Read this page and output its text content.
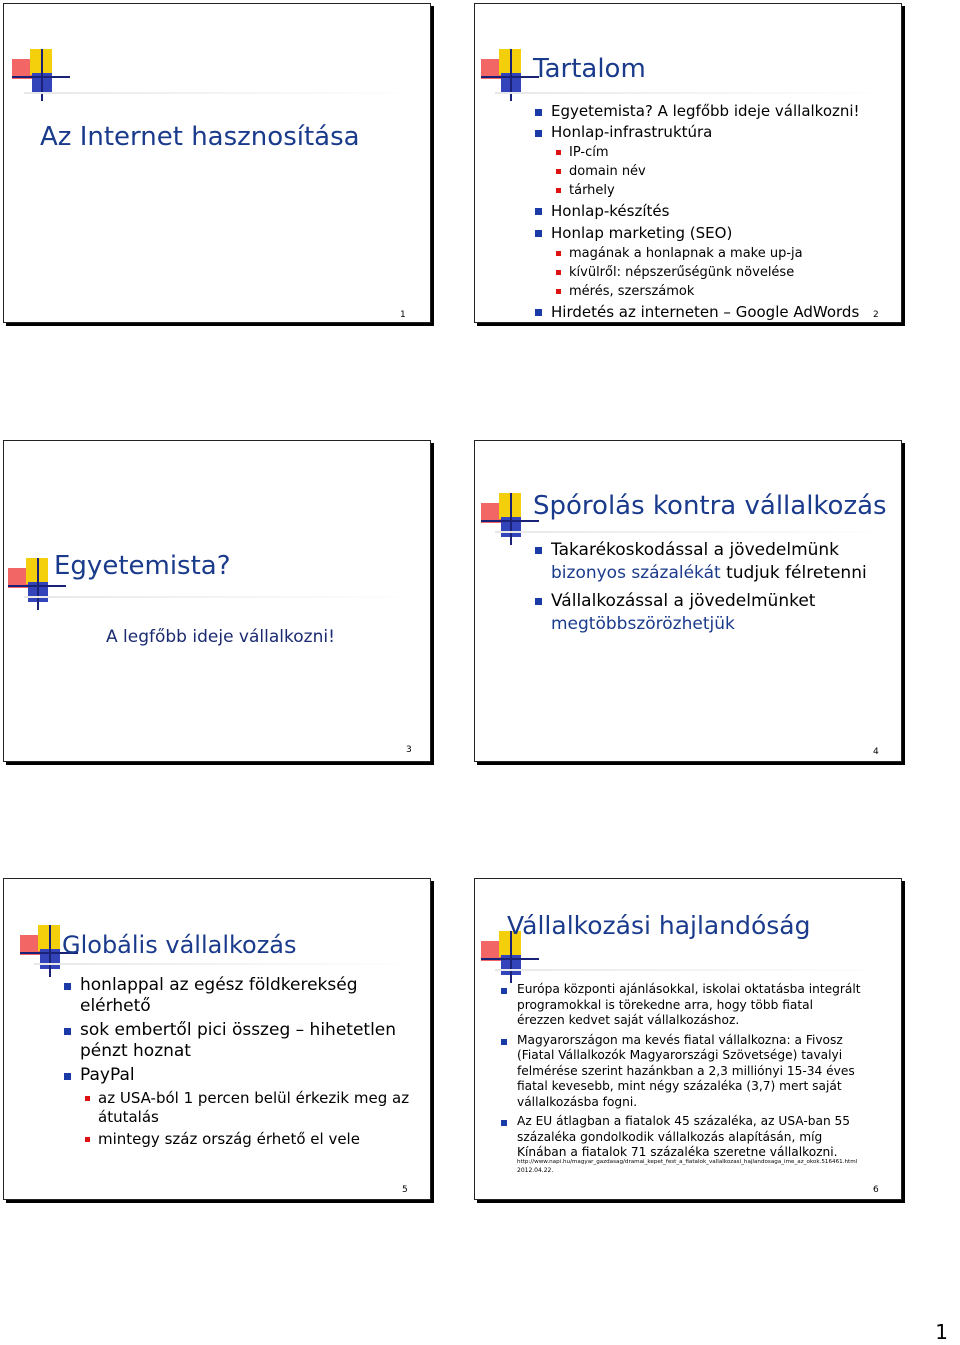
Az Internet hasznosítása
1
Tartalom
Egyetemista? A legfőbb ideje vállalkozni!
Honlap-infrastruktúra
IP-cím
domain név
tárhely
Honlap-készítés
Honlap marketing (SEO)
magának a honlapnak a make up-ja
kívülről: népszerűségünk növelése
mérés, szerszámok
Hirdetés az interneten – Google AdWords	2
Egyetemista?
A legfőbb ideje vállalkozni!
3
Spórolás kontra vállalkozás
Takarékoskodással a jövedelmünk
bizonyos százalékát tudjuk félretenni
Vállalkozással a jövedelmünket
megtöbbszörözhetjük
4
Globális vállalkozás
honlappal az egész földkerekség elérhető
sok embertől pici összeg – hihetetlen pénzt hoznat
PayPal
az USA-ból 1 percen belül érkezik meg az átutalás
mintegy száz ország érhető el vele
5
Vállalkozási hajlandóság
Európa központi ajánlásokkal, iskolai oktatásba integrált programokkal is törekedne arra, hogy több fiatal érezzen kedvet saját vállalkozáshoz.
Magyarországon ma kevés fiatal vállalkozna: a Fivosz (Fiatal Vállalkozók Magyarországi Szövetsége) tavalyi felmérése szerint hazánkban a 2,3 milliónyi 15-34 éves fiatal kevesebb, mint négy százaléka (3,7) mert saját vállalkozásba fogni.
Az EU átlagban a fiatalok 45 százaléka, az USA-ban 55 százaléka gondolkodik vállalkozás alapításán, míg Kínában a fiatalok 71 százaléka szeretne vállalkozni.
http://www.napi.hu/magyar_gazdasag/dramai_kepet_fest_a_fiatalok_vallalkozasi_hajlandosaga_ime_az_okok.516461.html
2012.04.22.
6
1
